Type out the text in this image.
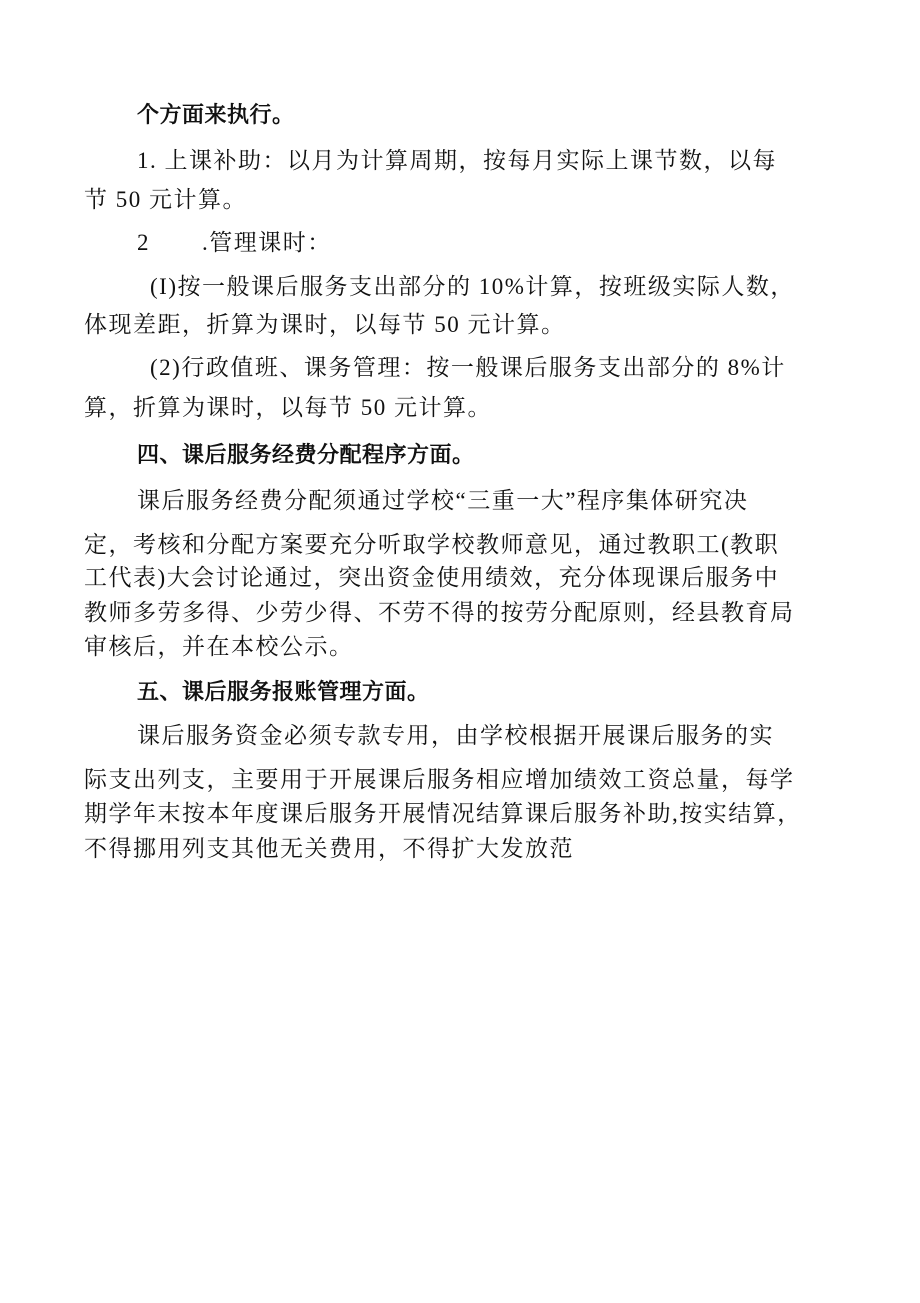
个方面来执行。
1. 上课补助：以月为计算周期，按每月实际上课节数，以每
节 50 元计算。
2 .管理课时：
(I)按一般课后服务支出部分的 10%计算，按班级实际人数，
体现差距，折算为课时，以每节 50 元计算。
(2)行政值班、课务管理：按一般课后服务支出部分的 8%计
算，折算为课时，以每节 50 元计算。
四、课后服务经费分配程序方面。
课后服务经费分配须通过学校“三重一大”程序集体研究决
定，考核和分配方案要充分听取学校教师意见，通过教职工(教职
工代表)大会讨论通过，突出资金使用绩效，充分体现课后服务中
教师多劳多得、少劳少得、不劳不得的按劳分配原则，经县教育局
审核后，并在本校公示。
五、课后服务报账管理方面。
课后服务资金必须专款专用，由学校根据开展课后服务的实
际支出列支，主要用于开展课后服务相应增加绩效工资总量，每学
期学年末按本年度课后服务开展情况结算课后服务补助,按实结算，
不得挪用列支其他无关费用，不得扩大发放范
